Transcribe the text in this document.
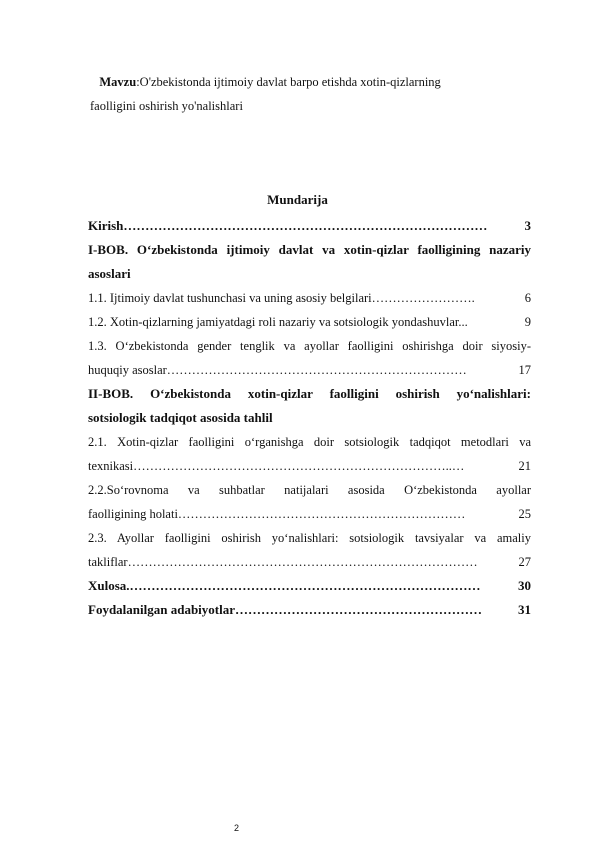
Mavzu:O'zbekistonda ijtimoiy davlat barpo etishda xotin-qizlarning
faolligini oshirish yo'nalishlari
Mundarija
Kirish…………………………………………………………………………	3
I-BOB. O‘zbekistonda ijtimoiy davlat va xotin-qizlar faolligining nazariy
asoslari
1.1. Ijtimoiy davlat tushunchasi va uning asosiy belgilari…………………….	6
1.2. Xotin-qizlarning jamiyatdagi roli nazariy va sotsiologik yondashuvlar...	9
1.3. O‘zbekistonda gender tenglik va ayollar faolligini oshirishga doir siyosiy-
huquqiy asoslar………………………………………………………………	17
II-BOB. O‘zbekistonda xotin-qizlar faolligini oshirish yo‘nalishlari:
sotsiologik tadqiqot asosida tahlil
2.1. Xotin-qizlar faolligini o‘rganishga doir sotsiologik tadqiqot metodlari va
texnikasi…………………………………………………………………..…	21
2.2.So‘rovnoma va suhbatlar natijalari asosida O‘zbekistonda ayollar
faolligining holati……………………………………………………………	25
2.3. Ayollar faolligini oshirish yo‘nalishlari: sotsiologik tavsiyalar va amaliy
takliflar…………………………………………………………………………	27
Xulosa.………………………………………………………………………	30
Foydalanilgan adabiyotlar…………………………………………………	31
2
